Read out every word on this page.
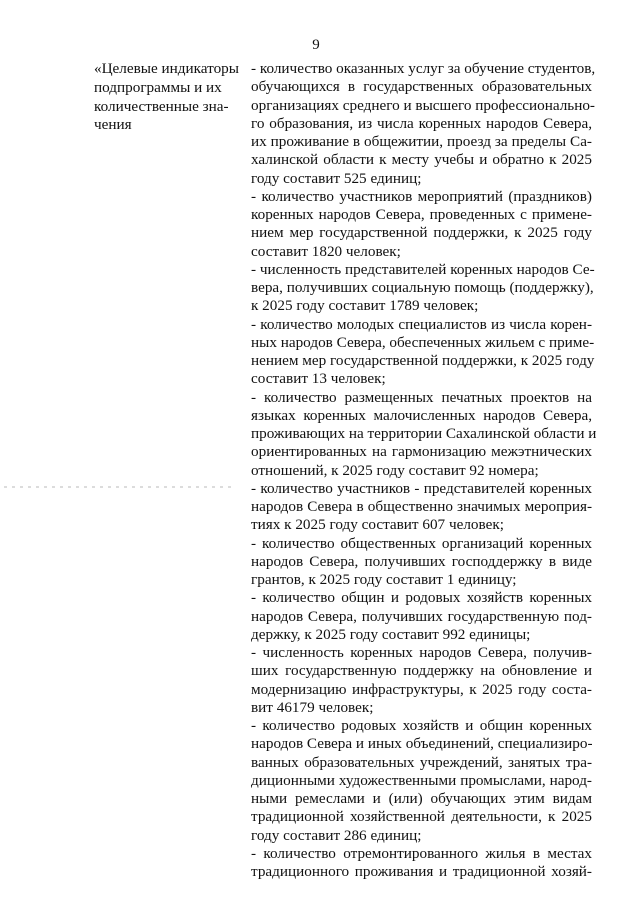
9
«Целевые индикаторы
подпрограммы и их
количественные зна-
чения
- количество оказанных услуг за обучение студентов,
обучающихся в государственных образовательных
организациях среднего и высшего профессионально-
го образования, из числа коренных народов Севера,
их проживание в общежитии, проезд за пределы Са-
халинской области к месту учебы и обратно к 2025
году составит 525 единиц;
- количество участников мероприятий (праздников)
коренных народов Севера, проведенных с примене-
нием мер государственной поддержки, к 2025 году
составит 1820 человек;
- численность представителей коренных народов Се-
вера, получивших социальную помощь (поддержку),
к 2025 году составит 1789 человек;
- количество молодых специалистов из числа корен-
ных народов Севера, обеспеченных жильем с приме-
нением мер государственной поддержки, к 2025 году
составит 13 человек;
- количество размещенных печатных проектов на
языках коренных малочисленных народов Севера,
проживающих на территории Сахалинской области и
ориентированных на гармонизацию межэтнических
отношений, к 2025 году составит 92 номера;
- количество участников - представителей коренных
народов Севера в общественно значимых мероприя-
тиях к 2025 году составит 607 человек;
- количество общественных организаций коренных
народов Севера, получивших господдержку в виде
грантов, к 2025 году составит 1 единицу;
- количество общин и родовых хозяйств коренных
народов Севера, получивших государственную под-
держку, к 2025 году составит 992 единицы;
- численность коренных народов Севера, получив-
ших государственную поддержку на обновление и
модернизацию инфраструктуры, к 2025 году соста-
вит 46179 человек;
- количество родовых хозяйств и общин коренных
народов Севера и иных объединений, специализиро-
ванных образовательных учреждений, занятых тра-
диционными художественными промыслами, народ-
ными ремеслами и (или) обучающих этим видам
традиционной хозяйственной деятельности, к 2025
году составит 286 единиц;
- количество отремонтированного жилья в местах
традиционного проживания и традиционной хозяй-
